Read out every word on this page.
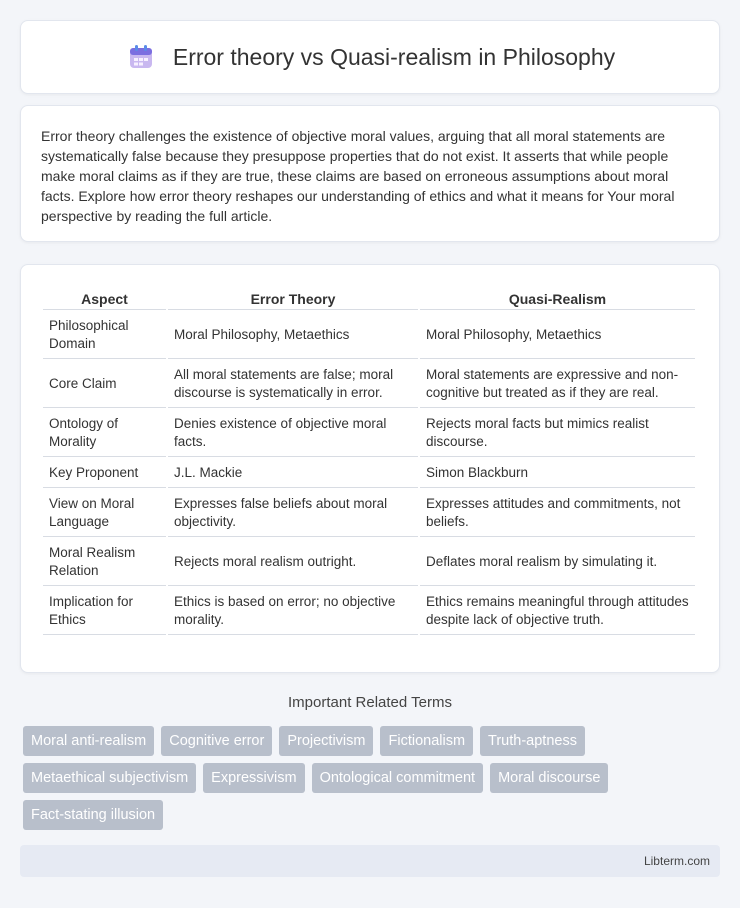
Error theory vs Quasi-realism in Philosophy

Error theory challenges the existence of objective moral values, arguing that all moral statements are systematically false because they presuppose properties that do not exist. It asserts that while people make moral claims as if they are true, these claims are based on erroneous assumptions about moral facts. Explore how error theory reshapes our understanding of ethics and what it means for Your moral perspective by reading the full article.

Aspect	Error Theory	Quasi-Realism
Philosophical Domain	Moral Philosophy, Metaethics	Moral Philosophy, Metaethics
Core Claim	All moral statements are false; moral discourse is systematically in error.	Moral statements are expressive and non-cognitive but treated as if they are real.
Ontology of Morality	Denies existence of objective moral facts.	Rejects moral facts but mimics realist discourse.
Key Proponent	J.L. Mackie	Simon Blackburn
View on Moral Language	Expresses false beliefs about moral objectivity.	Expresses attitudes and commitments, not beliefs.
Moral Realism Relation	Rejects moral realism outright.	Deflates moral realism by simulating it.
Implication for Ethics	Ethics is based on error; no objective morality.	Ethics remains meaningful through attitudes despite lack of objective truth.
Important Related Terms
Moral anti-realism	Cognitive error	Projectivism	Fictionalism	Truth-aptness
Metaethical subjectivism	Expressivism	Ontological commitment	Moral discourse
Fact-stating illusion
Libterm.com
